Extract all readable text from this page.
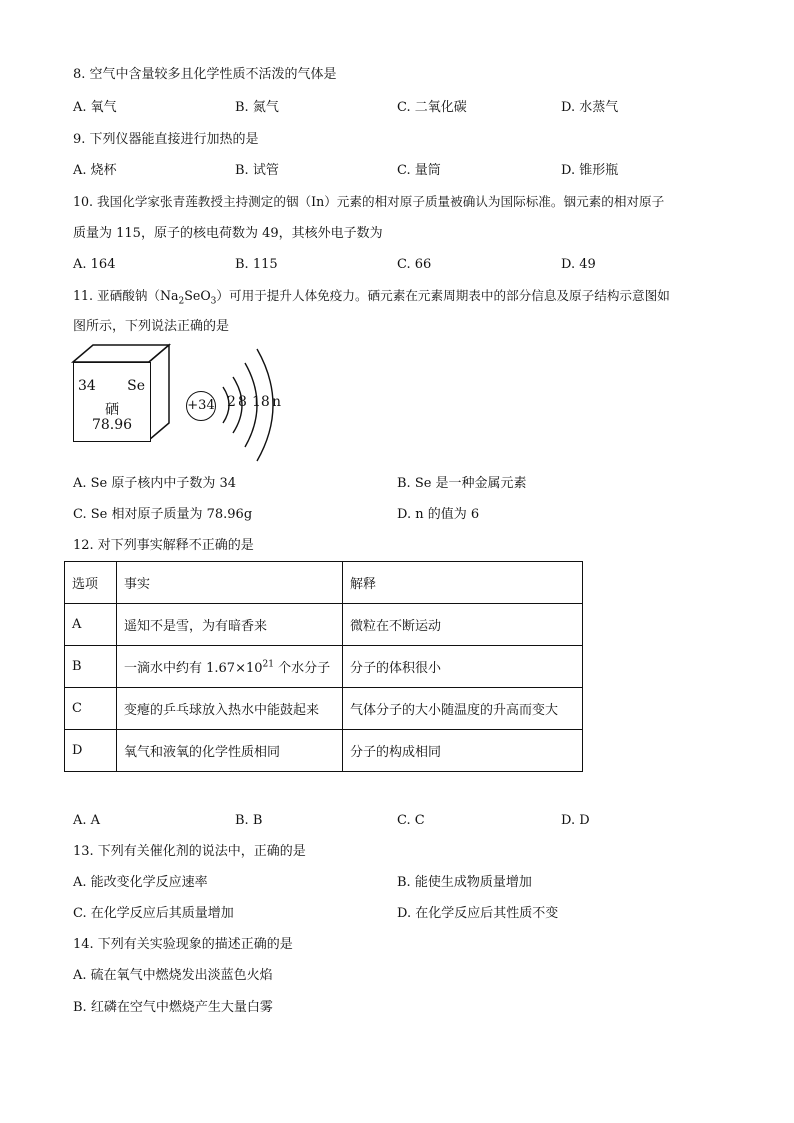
8. 空气中含量较多且化学性质不活泼的气体是
A. 氧气	B. 氮气	C. 二氧化碳	D. 水蒸气
9. 下列仪器能直接进行加热的是
A. 烧杯	B. 试管	C. 量筒	D. 锥形瓶
10. 我国化学家张青莲教授主持测定的铟（In）元素的相对原子质量被确认为国际标准。铟元素的相对原子
质量为 115，原子的核电荷数为 49，其核外电子数为
A. 164	B. 115	C. 66	D. 49
11. 亚硒酸钠$(Na_2SeO_3)$可用于提升人体免疫力。硒元素在元素周期表中的部分信息及原子结构示意图如
图所示，下列说法正确的是
34 Se
硒
78.96
+34 2 8 18 n
A. Se 原子核内中子数为 34	B. Se 是一种金属元素
C. Se 相对原子质量为 78.96g	D. n 的值为 6
12. 对下列事实解释不正确的是
选项	事实	解释
A	遥知不是雪，为有暗香来	微粒在不断运动
B	一滴水中约有 $1.67\times 10^{21}$ 个水分子	分子的体积很小
C	变瘪的乒乓球放入热水中能鼓起来	气体分子的大小随温度的升高而变大
D	氧气和液氧的化学性质相同	分子的构成相同
A. A	B. B	C. C	D. D
13. 下列有关催化剂的说法中，正确的是
A. 能改变化学反应速率	B. 能使生成物质量增加
C. 在化学反应后其质量增加	D. 在化学反应后其性质不变
14. 下列有关实验现象的描述正确的是
A. 硫在氧气中燃烧发出淡蓝色火焰
B. 红磷在空气中燃烧产生大量白雾
